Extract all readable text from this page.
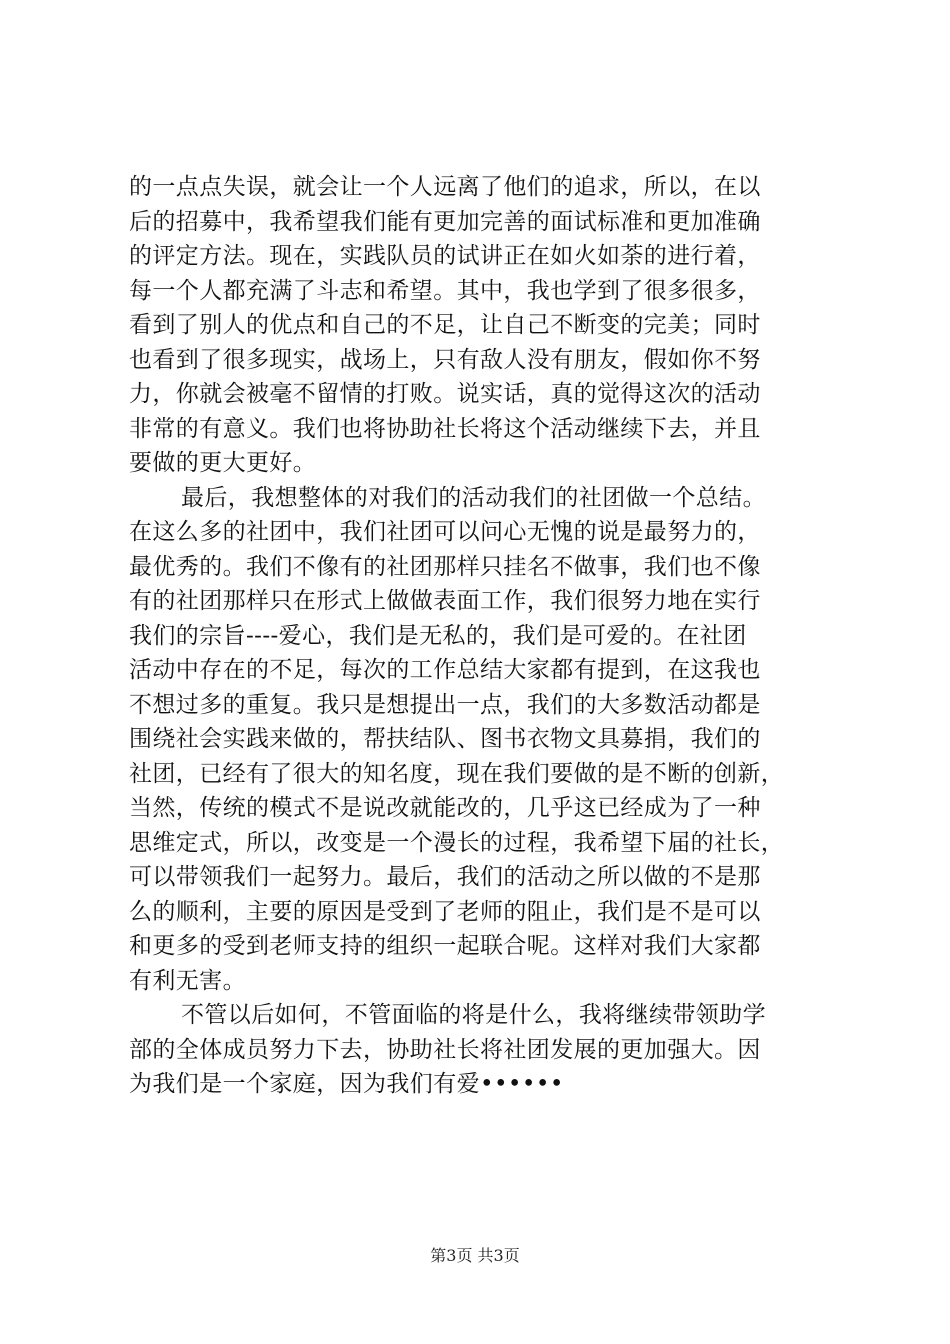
的一点点失误，就会让一个人远离了他们的追求，所以，在以
后的招募中，我希望我们能有更加完善的面试标准和更加准确
的评定方法。现在，实践队员的试讲正在如火如荼的进行着，
每一个人都充满了斗志和希望。其中，我也学到了很多很多，
看到了别人的优点和自己的不足，让自己不断变的完美；同时
也看到了很多现实，战场上，只有敌人没有朋友，假如你不努
力，你就会被毫不留情的打败。说实话，真的觉得这次的活动
非常的有意义。我们也将协助社长将这个活动继续下去，并且
要做的更大更好。
最后，我想整体的对我们的活动我们的社团做一个总结。
在这么多的社团中，我们社团可以问心无愧的说是最努力的，
最优秀的。我们不像有的社团那样只挂名不做事，我们也不像
有的社团那样只在形式上做做表面工作，我们很努力地在实行
我们的宗旨----爱心，我们是无私的，我们是可爱的。在社团
活动中存在的不足，每次的工作总结大家都有提到，在这我也
不想过多的重复。我只是想提出一点，我们的大多数活动都是
围绕社会实践来做的，帮扶结队、图书衣物文具募捐，我们的
社团，已经有了很大的知名度，现在我们要做的是不断的创新，
当然，传统的模式不是说改就能改的，几乎这已经成为了一种
思维定式，所以，改变是一个漫长的过程，我希望下届的社长，
可以带领我们一起努力。最后，我们的活动之所以做的不是那
么的顺利，主要的原因是受到了老师的阻止，我们是不是可以
和更多的受到老师支持的组织一起联合呢。这样对我们大家都
有利无害。
不管以后如何，不管面临的将是什么，我将继续带领助学
部的全体成员努力下去，协助社长将社团发展的更加强大。因
为我们是一个家庭，因为我们有爱••••••
第3页 共3页
